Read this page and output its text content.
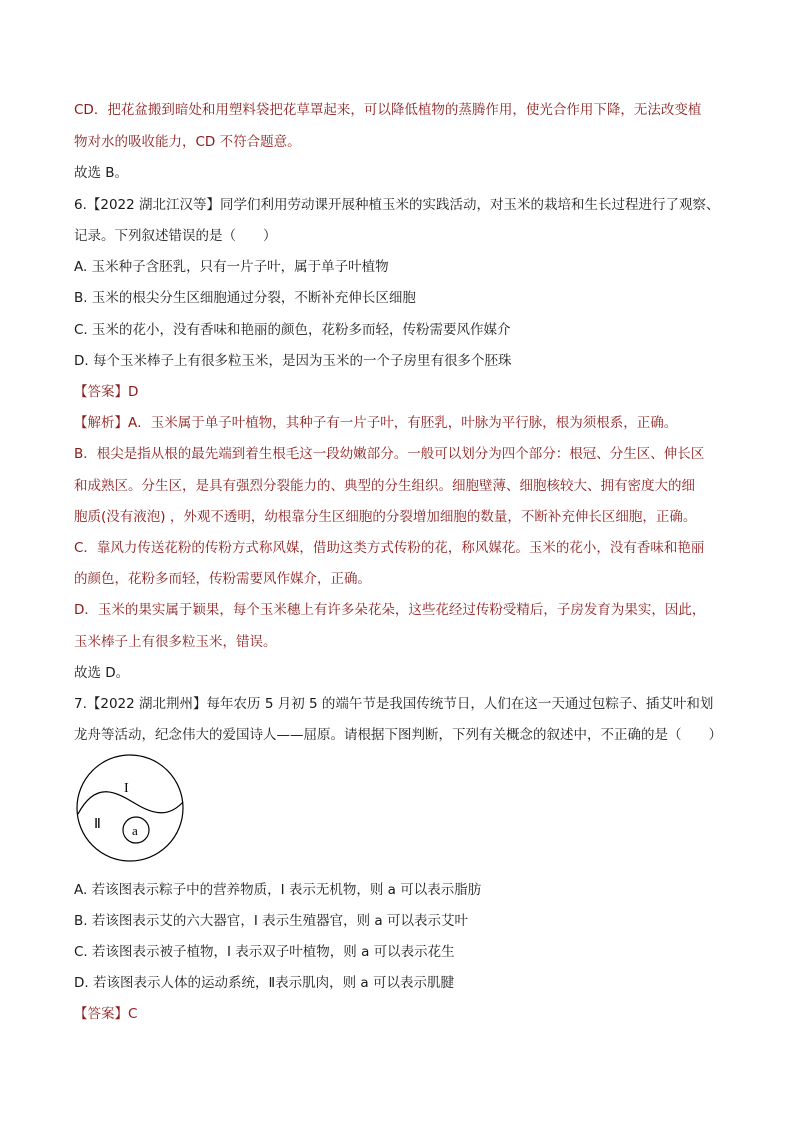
CD．把花盆搬到暗处和用塑料袋把花草罩起来，可以降低植物的蒸腾作用，使光合作用下降，无法改变植
物对水的吸收能力，CD 不符合题意。
故选 B。
6.【2022 湖北江汉等】同学们利用劳动课开展种植玉米的实践活动，对玉米的栽培和生长过程进行了观察、
记录。下列叙述错误的是（　　）
A. 玉米种子含胚乳，只有一片子叶，属于单子叶植物
B. 玉米的根尖分生区细胞通过分裂，不断补充伸长区细胞
C. 玉米的花小，没有香味和艳丽的颜色，花粉多而轻，传粉需要风作媒介
D. 每个玉米棒子上有很多粒玉米，是因为玉米的一个子房里有很多个胚珠
【答案】D
【解析】A．玉米属于单子叶植物，其种子有一片子叶，有胚乳，叶脉为平行脉，根为须根系，正确。
B．根尖是指从根的最先端到着生根毛这一段幼嫩部分。一般可以划分为四个部分：根冠、分生区、伸长区
和成熟区。分生区，是具有强烈分裂能力的、典型的分生组织。细胞壁薄、细胞核较大、拥有密度大的细
胞质(没有液泡) ，外观不透明，幼根靠分生区细胞的分裂增加细胞的数量，不断补充伸长区细胞，正确。
C．靠风力传送花粉的传粉方式称风媒，借助这类方式传粉的花，称风媒花。玉米的花小，没有香味和艳丽
的颜色，花粉多而轻，传粉需要风作媒介，正确。
D．玉米的果实属于颖果，每个玉米穗上有许多朵花朵，这些花经过传粉受精后，子房发育为果实，因此，
玉米棒子上有很多粒玉米，错误。
故选 D。
7.【2022 湖北荆州】每年农历 5 月初 5 的端午节是我国传统节日，人们在这一天通过包粽子、插艾叶和划
龙舟等活动，纪念伟大的爱国诗人——屈原。请根据下图判断，下列有关概念的叙述中，不正确的是（　　）
I
Ⅱ a
A. 若该图表示粽子中的营养物质，I 表示无机物，则 a 可以表示脂肪
B. 若该图表示艾的六大器官，I 表示生殖器官，则 a 可以表示艾叶
C. 若该图表示被子植物，I 表示双子叶植物，则 a 可以表示花生
D. 若该图表示人体的运动系统，Ⅱ表示肌肉，则 a 可以表示肌腱
【答案】C
